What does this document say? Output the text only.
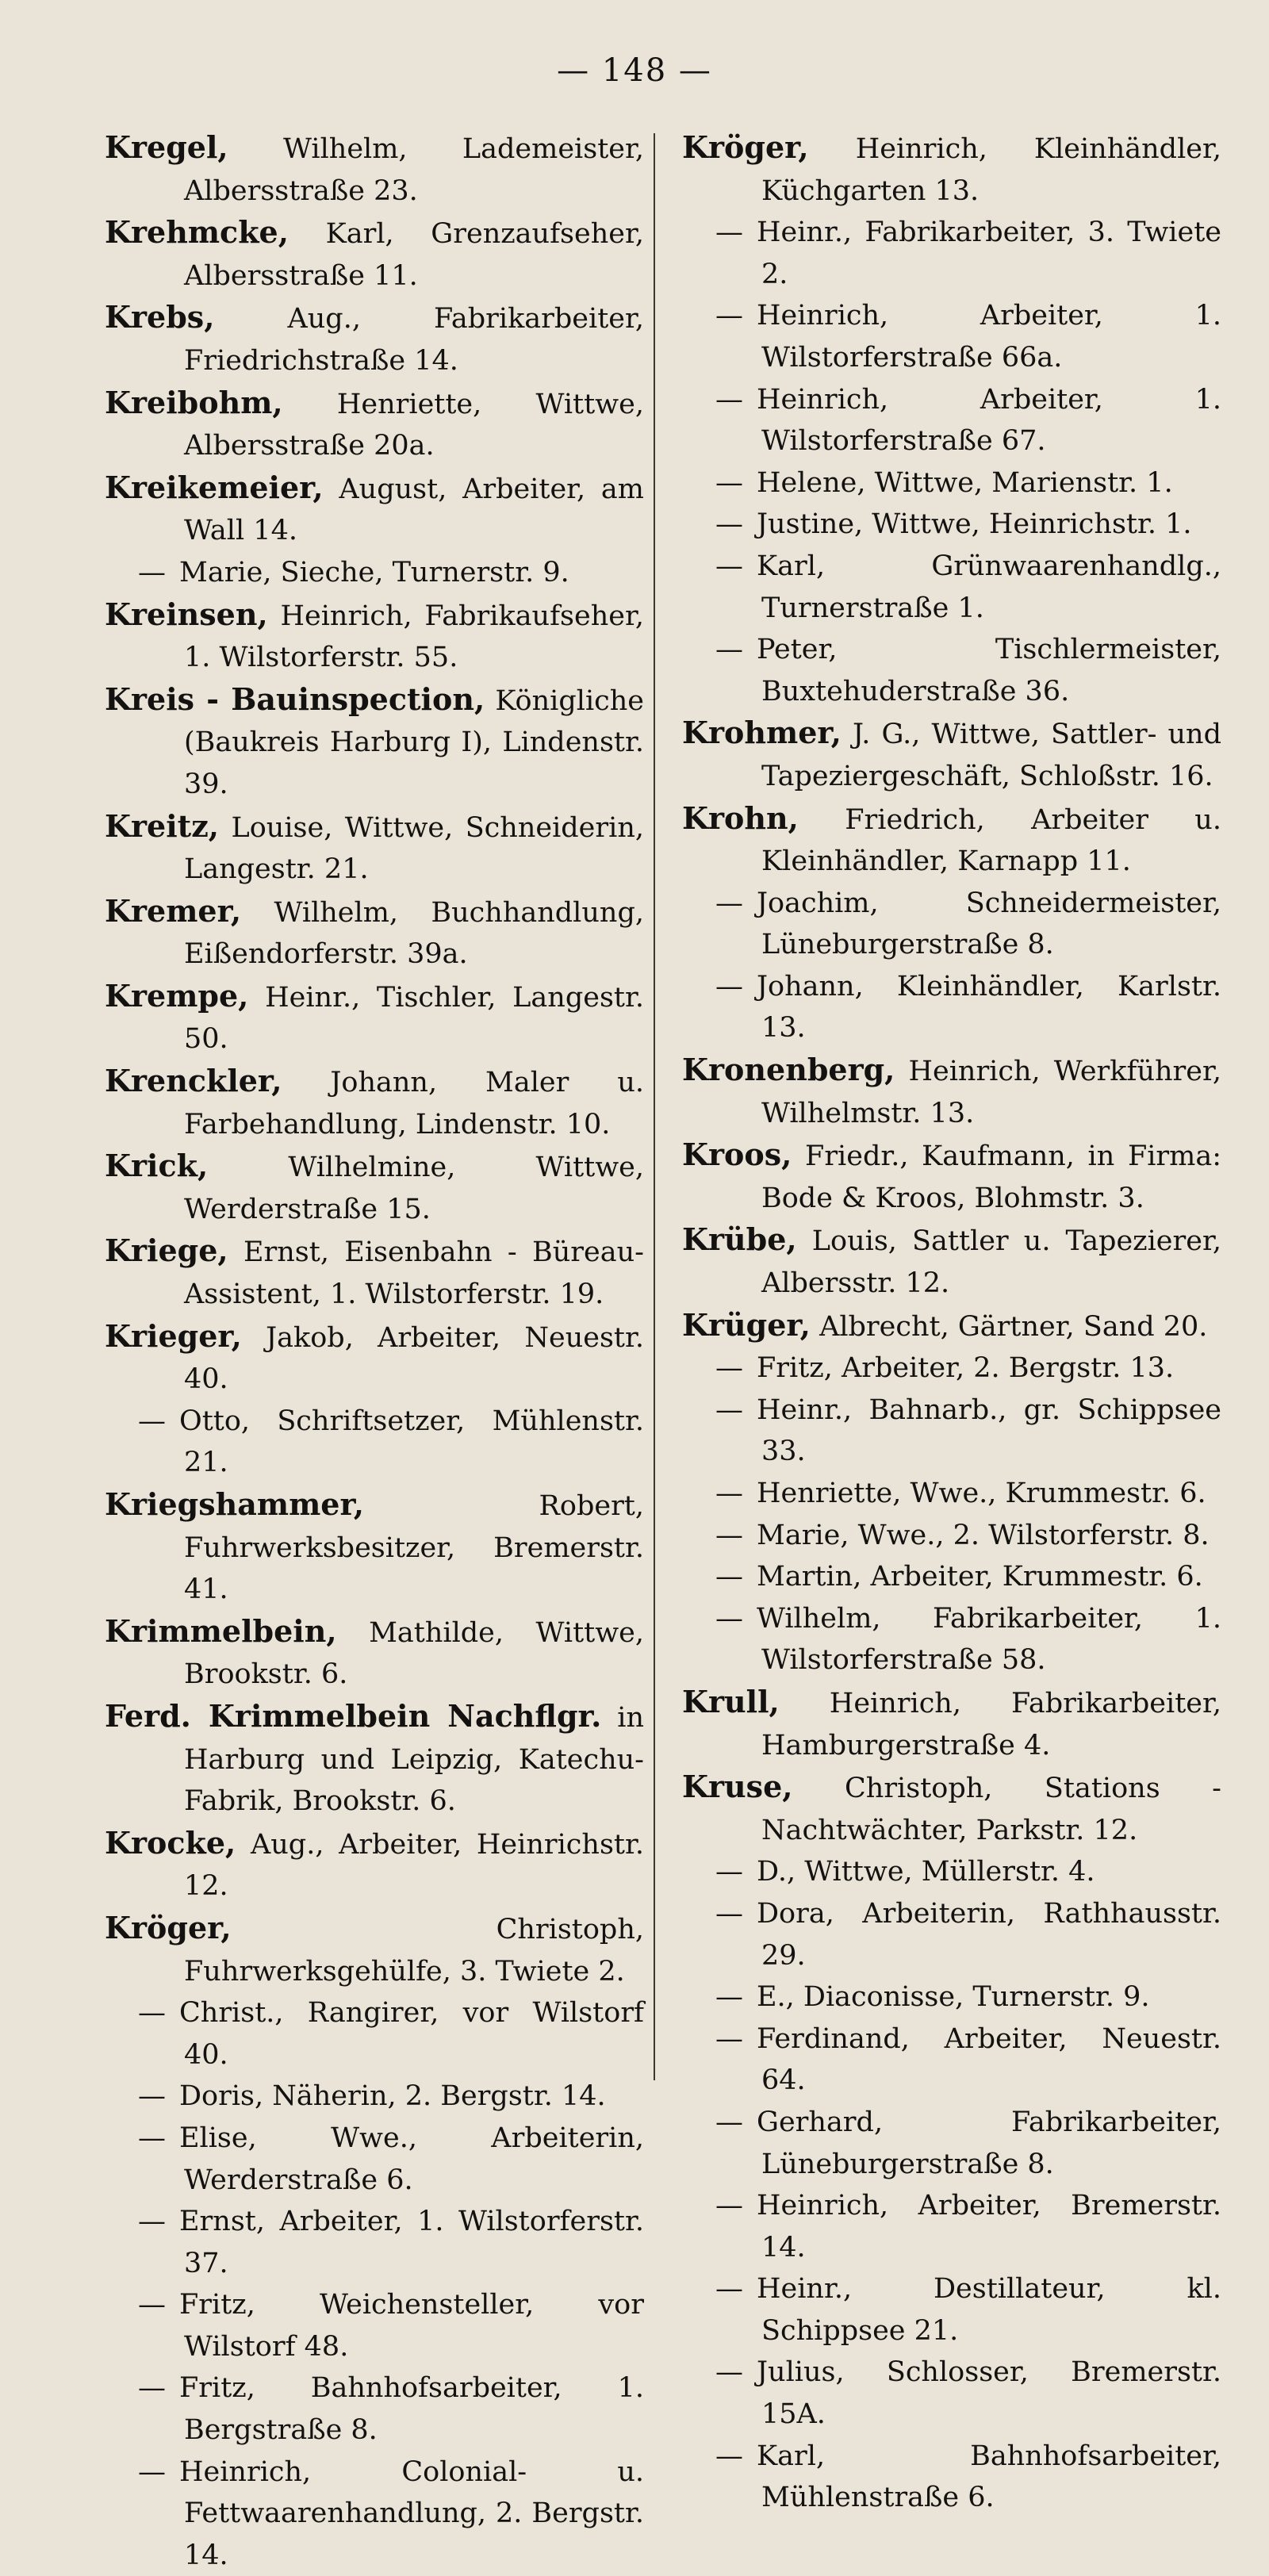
— 148 —
Kregel, Wilhelm, Lademeister, Albersstraße 23.
Krehmcke, Karl, Grenzaufseher, Albersstraße 11.
Krebs,	Aug., Fabrikarbeiter, Friedrichstraße 14.
Kreibohm, Henriette, Wittwe, Albersstraße 20a.
Kreikemeier, August, Arbeiter, am Wall 14.
— Marie, Sieche, Turnerstr. 9.
Kreinsen, Heinrich, Fabrikaufseher, 1. Wilstorferstr. 55.
Kreis - Bauinspection, Königliche (Baukreis Harburg I), Lindenstr. 39.
Kreitz, Louise, Wittwe, Schneiderin, Langestr. 21.
Kremer, Wilhelm, Buchhandlung, Eißendorferstr. 39a.
Krempe, Heinr., Tischler, Langestr. 50.
Krenckler, Johann, Maler u. Farbehandlung, Lindenstr. 10.
Krick,	Wilhelmine, Wittwe, Werderstraße 15.
Kriege, Ernst, Eisenbahn - Büreau-Assistent, 1. Wilstorferstr. 19.
Krieger, Jakob, Arbeiter, Neuestr. 40.
— Otto, Schriftsetzer, Mühlenstr. 21.
Kriegshammer,	Robert, Fuhrwerksbesitzer, Bremerstr. 41.
Krimmelbein, Mathilde, Wittwe, Brookstr. 6.
Ferd. Krimmelbein Nachflgr. in Harburg und Leipzig, Katechu-Fabrik, Brookstr. 6.
Krocke, Aug., Arbeiter, Heinrichstr. 12.
Kröger,	Christoph, Fuhrwerksgehülfe, 3. Twiete 2.
— Christ., Rangirer, vor Wilstorf 40.
— Doris, Näherin, 2. Bergstr. 14.
— Elise, Wwe., Arbeiterin, Werderstraße 6.
— Ernst, Arbeiter, 1. Wilstorferstr. 37.
— Fritz, Weichensteller, vor Wilstorf 48.
— Fritz, Bahnhofsarbeiter, 1. Bergstraße 8.
— Heinrich, Colonial- u. Fettwaarenhandlung, 2. Bergstr. 14.
Kröger, Heinrich, Kleinhändler, Küchgarten 13.
— Heinr., Fabrikarbeiter, 3. Twiete 2.
— Heinrich, Arbeiter, 1. Wilstorferstraße 66a.
— Heinrich, Arbeiter, 1. Wilstorferstraße 67.
— Helene, Wittwe, Marienstr. 1.
— Justine, Wittwe, Heinrichstr. 1.
— Karl, Grünwaarenhandlg., Turnerstraße 1.
— Peter, Tischlermeister, Buxtehuderstraße 36.
Krohmer, J. G., Wittwe, Sattler- und Tapeziergeschäft, Schloßstr. 16.
Krohn, Friedrich, Arbeiter u. Kleinhändler, Karnapp 11.
— Joachim, Schneidermeister, Lüneburgerstraße 8.
— Johann, Kleinhändler, Karlstr. 13.
Kronenberg, Heinrich, Werkführer, Wilhelmstr. 13.
Kroos, Friedr., Kaufmann, in Firma: Bode & Kroos, Blohmstr. 3.
Krübe, Louis, Sattler u. Tapezierer, Albersstr. 12.
Krüger, Albrecht, Gärtner, Sand 20.
— Fritz, Arbeiter, 2. Bergstr. 13.
— Heinr., Bahnarb., gr. Schippsee 33.
— Henriette, Wwe., Krummestr. 6.
— Marie, Wwe., 2. Wilstorferstr. 8.
— Martin, Arbeiter, Krummestr. 6.
— Wilhelm, Fabrikarbeiter, 1. Wilstorferstraße 58.
Krull, Heinrich, Fabrikarbeiter, Hamburgerstraße 4.
Kruse, Christoph, Stations - Nachtwächter, Parkstr. 12.
— D., Wittwe, Müllerstr. 4.
— Dora, Arbeiterin, Rathhausstr. 29.
— E., Diaconisse, Turnerstr. 9.
— Ferdinand, Arbeiter, Neuestr. 64.
— Gerhard, Fabrikarbeiter, Lüneburgerstraße 8.
— Heinrich, Arbeiter, Bremerstr. 14.
— Heinr., Destillateur, kl. Schippsee 21.
— Julius, Schlosser, Bremerstr. 15A.
— Karl, Bahnhofsarbeiter, Mühlenstraße 6.
